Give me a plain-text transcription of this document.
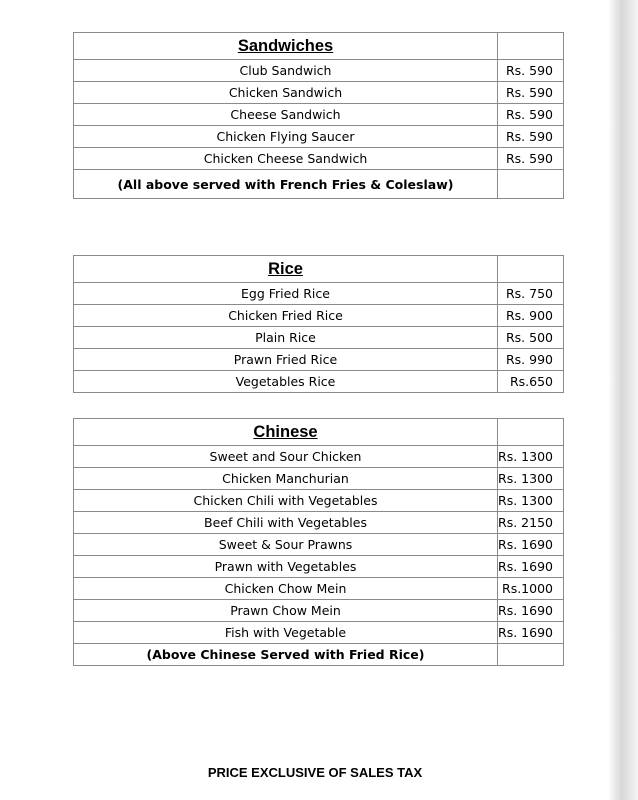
Sandwiches	
Club Sandwich	Rs. 590
Chicken Sandwich	Rs. 590
Cheese Sandwich	Rs. 590
Chicken Flying Saucer	Rs. 590
Chicken Cheese Sandwich	Rs. 590
(All above served with French Fries & Coleslaw)	
Rice	
Egg Fried Rice	Rs. 750
Chicken Fried Rice	Rs. 900
Plain Rice	Rs. 500
Prawn Fried Rice	Rs. 990
Vegetables Rice	Rs.650
Chinese	
Sweet and Sour Chicken	Rs. 1300
Chicken Manchurian	Rs. 1300
Chicken Chili with Vegetables	Rs. 1300
Beef Chili with Vegetables	Rs. 2150
Sweet & Sour Prawns	Rs. 1690
Prawn with Vegetables	Rs. 1690
Chicken Chow Mein	Rs.1000
Prawn Chow Mein	Rs. 1690
Fish with Vegetable	Rs. 1690
(Above Chinese Served with Fried Rice)	
PRICE EXCLUSIVE OF SALES TAX
